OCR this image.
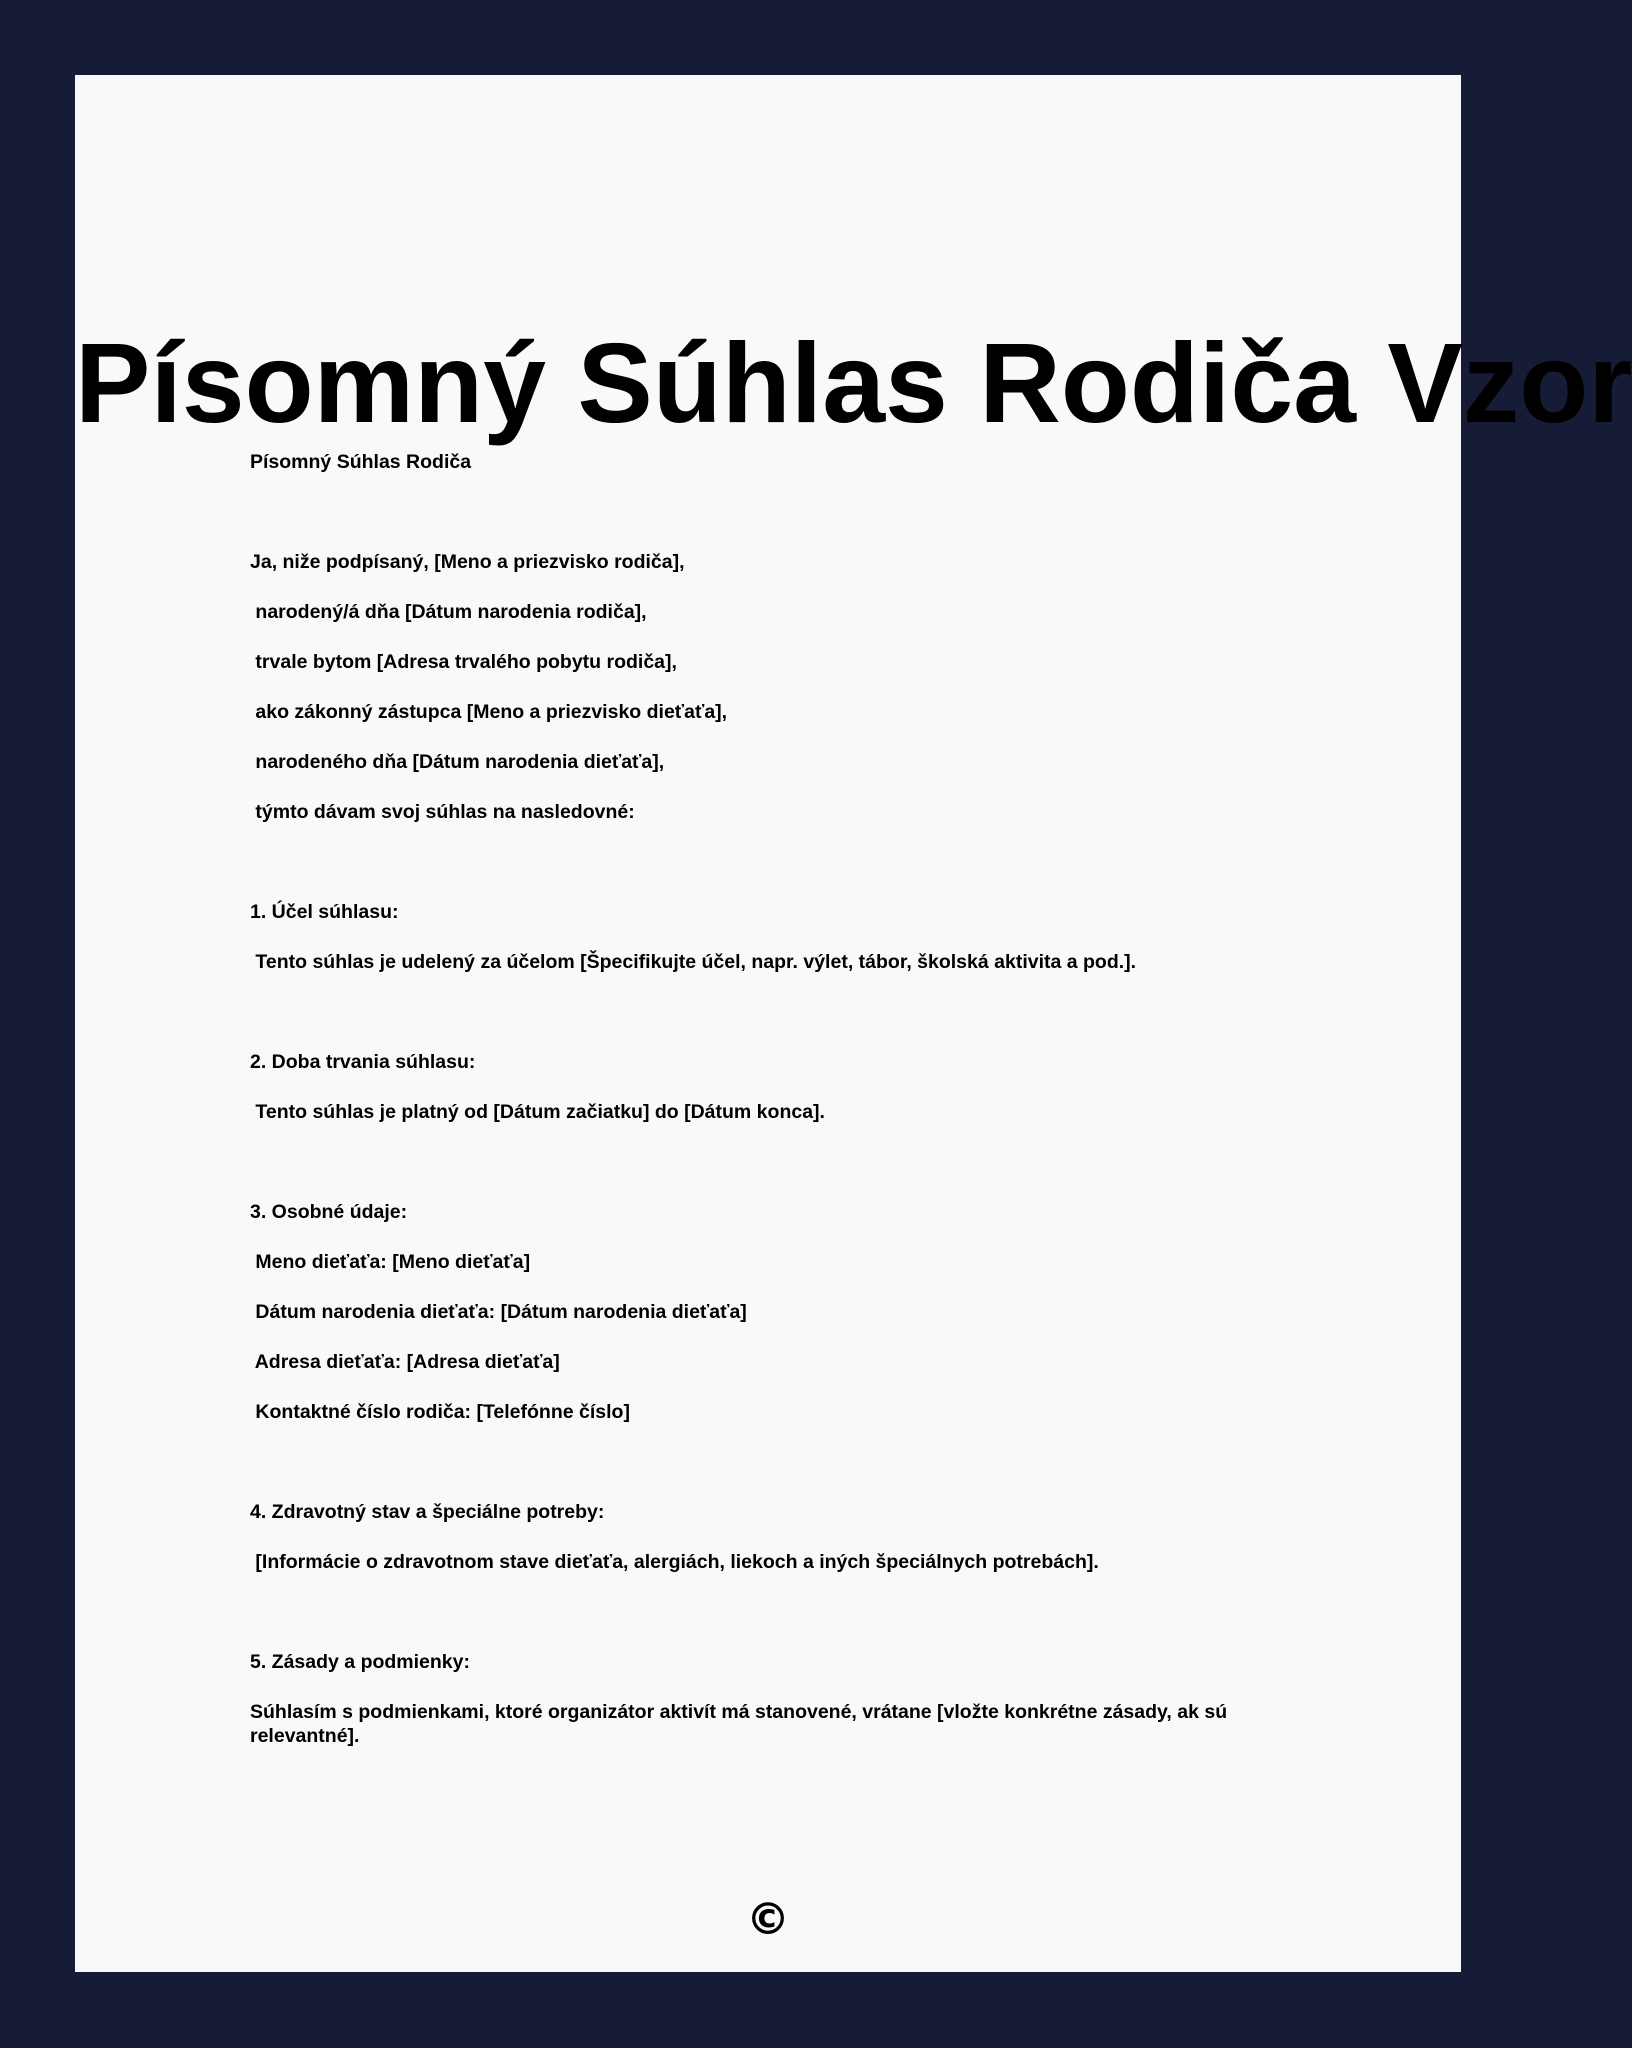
Písomný Súhlas Rodiča Vzor
Písomný Súhlas Rodiča
Ja, niže podpísaný, [Meno a priezvisko rodiča],
narodený/á dňa [Dátum narodenia rodiča],
trvale bytom [Adresa trvalého pobytu rodiča],
ako zákonný zástupca [Meno a priezvisko dieťaťa],
narodeného dňa [Dátum narodenia dieťaťa],
týmto dávam svoj súhlas na nasledovné:
1. Účel súhlasu:
Tento súhlas je udelený za účelom [Špecifikujte účel, napr. výlet, tábor, školská aktivita a pod.].
2. Doba trvania súhlasu:
Tento súhlas je platný od [Dátum začiatku] do [Dátum konca].
3. Osobné údaje:
Meno dieťaťa: [Meno dieťaťa]
Dátum narodenia dieťaťa: [Dátum narodenia dieťaťa]
Adresa dieťaťa: [Adresa dieťaťa]
Kontaktné číslo rodiča: [Telefónne číslo]
4. Zdravotný stav a špeciálne potreby:
[Informácie o zdravotnom stave dieťaťa, alergiách, liekoch a iných špeciálnych potrebách].
5. Zásady a podmienky:
Súhlasím s podmienkami, ktoré organizátor aktivít má stanovené, vrátane [vložte konkrétne zásady, ak sú relevantné].
©
